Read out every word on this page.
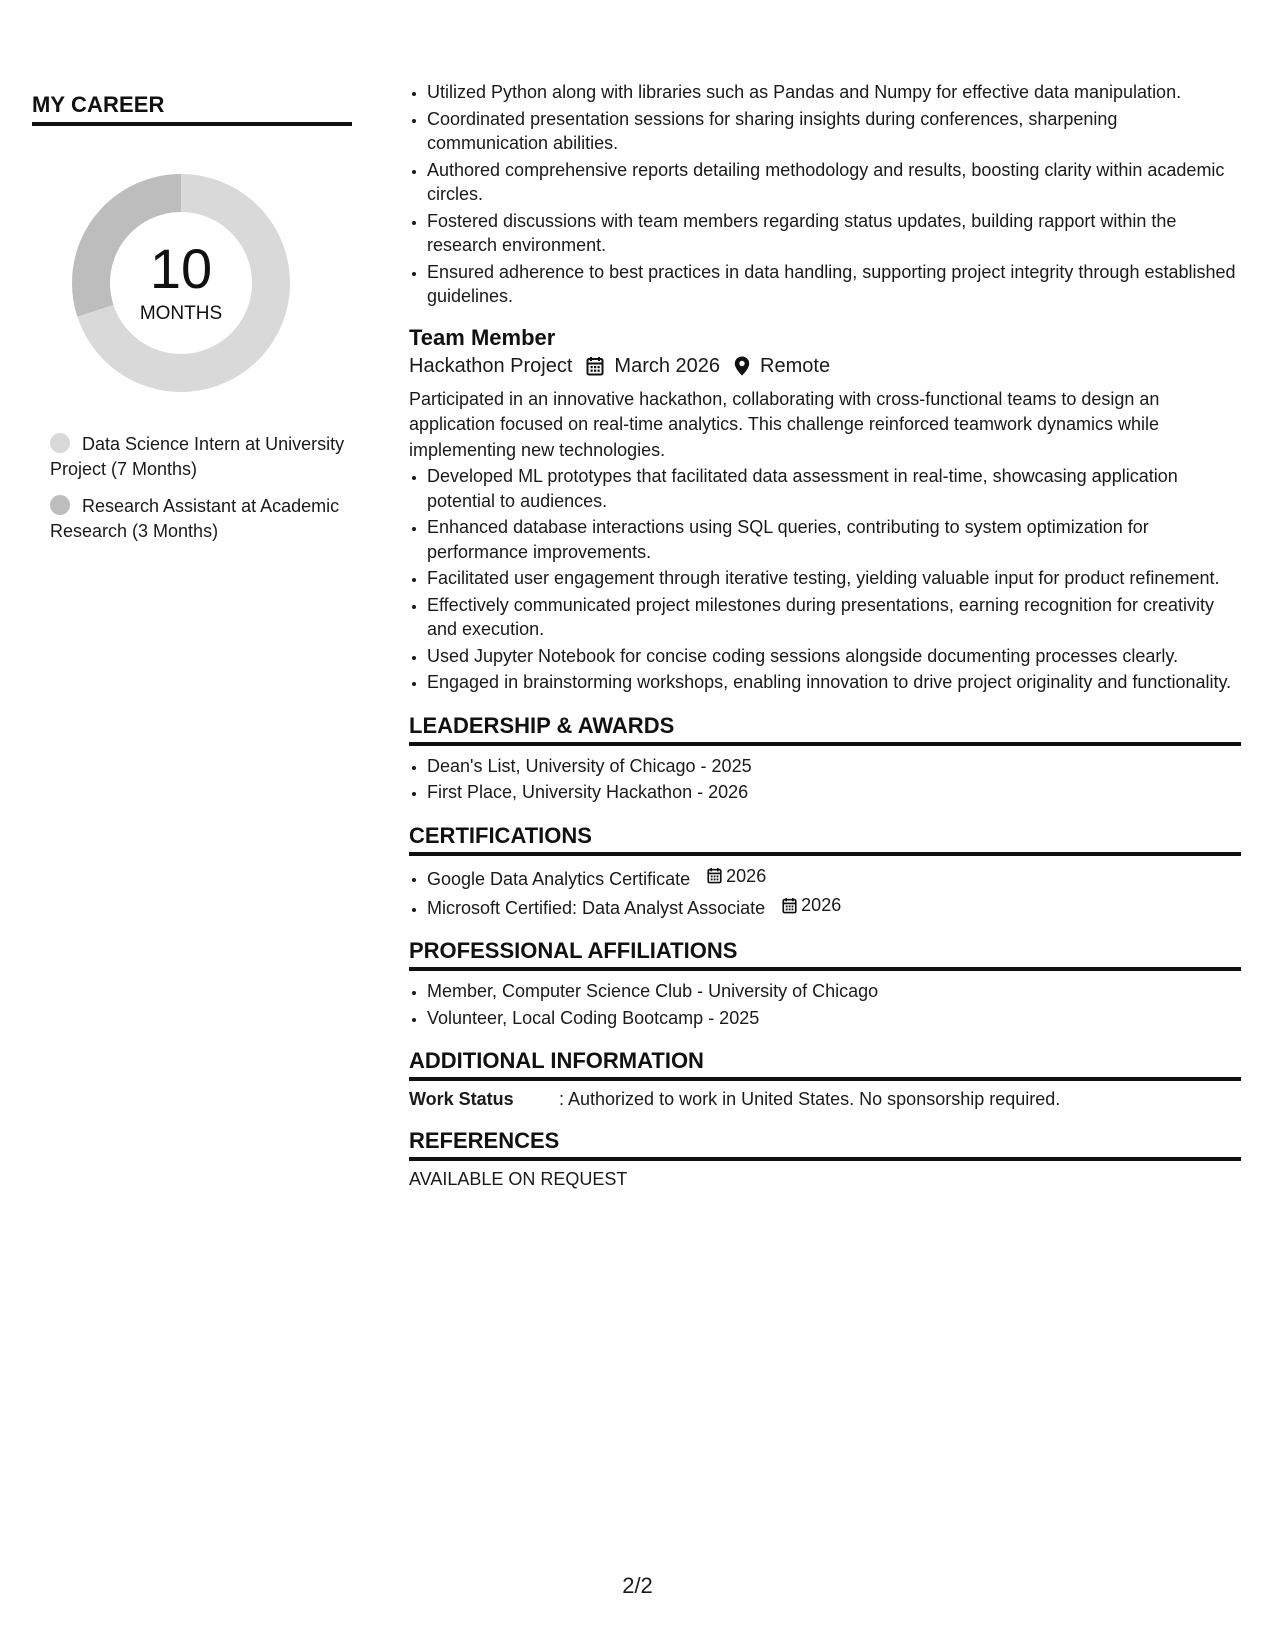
MY CAREER
10
MONTHS
Data Science Intern at University Project (7 Months)
Research Assistant at Academic Research (3 Months)
• Utilized Python along with libraries such as Pandas and Numpy for effective data manipulation.
• Coordinated presentation sessions for sharing insights during conferences, sharpening communication abilities.
• Authored comprehensive reports detailing methodology and results, boosting clarity within academic circles.
• Fostered discussions with team members regarding status updates, building rapport within the research environment.
• Ensured adherence to best practices in data handling, supporting project integrity through established guidelines.
Team Member
Hackathon Project March 2026 Remote

Participated in an innovative hackathon, collaborating with cross-functional teams to design an application focused on real-time analytics. This challenge reinforced teamwork dynamics while implementing new technologies.

• Developed ML prototypes that facilitated data assessment in real-time, showcasing application potential to audiences.
• Enhanced database interactions using SQL queries, contributing to system optimization for performance improvements.
• Facilitated user engagement through iterative testing, yielding valuable input for product refinement.
• Effectively communicated project milestones during presentations, earning recognition for creativity and execution.
• Used Jupyter Notebook for concise coding sessions alongside documenting processes clearly.
• Engaged in brainstorming workshops, enabling innovation to drive project originality and functionality.
LEADERSHIP & AWARDS
• Dean's List, University of Chicago - 2025
• First Place, University Hackathon - 2026
CERTIFICATIONS
• Google Data Analytics Certificate 2026
• Microsoft Certified: Data Analyst Associate 2026
PROFESSIONAL AFFILIATIONS
• Member, Computer Science Club - University of Chicago
• Volunteer, Local Coding Bootcamp - 2025
ADDITIONAL INFORMATION
Work Status	: Authorized to work in United States. No sponsorship required.
REFERENCES
AVAILABLE ON REQUEST
2/2
